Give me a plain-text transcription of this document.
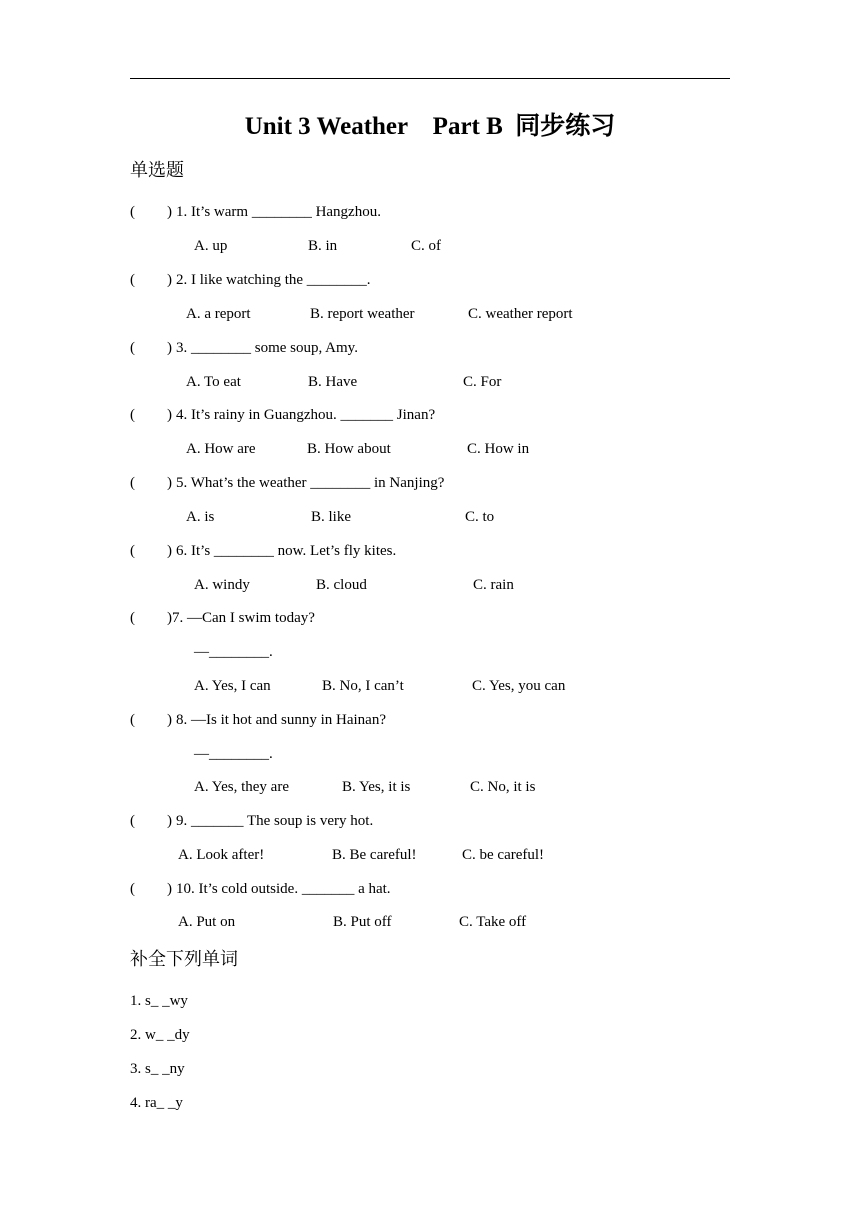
Unit 3 Weather    Part B  同步练习
单选题
( ) 1. It’s warm ________ Hangzhou.
A. up	B. in	C. of
( ) 2. I like watching the ________.
A. a report	B. report weather	C. weather report
( ) 3. ________ some soup, Amy.
A. To eat	B. Have	C. For
( ) 4. It’s rainy in Guangzhou. _______ Jinan?
A. How are	B. How about	C. How in
( ) 5. What’s the weather ________ in Nanjing?
A. is	B. like	C. to
( ) 6. It’s ________ now. Let’s fly kites.
A. windy	B. cloud	C. rain
( ) 7. —Can I swim today?
—________.
A. Yes, I can	B. No, I can’t	C. Yes, you can
( ) 8. —Is it hot and sunny in Hainan?
—________.
A. Yes, they are	B. Yes, it is	C. No, it is
( ) 9. _______ The soup is very hot.
A. Look after!	B. Be careful!	C. be careful!
( ) 10. It’s cold outside. _______ a hat.
A. Put on	B. Put off	C. Take off
补全下列单词
1. s_ _wy
2. w_ _dy
3. s_ _ny
4. ra_ _y
